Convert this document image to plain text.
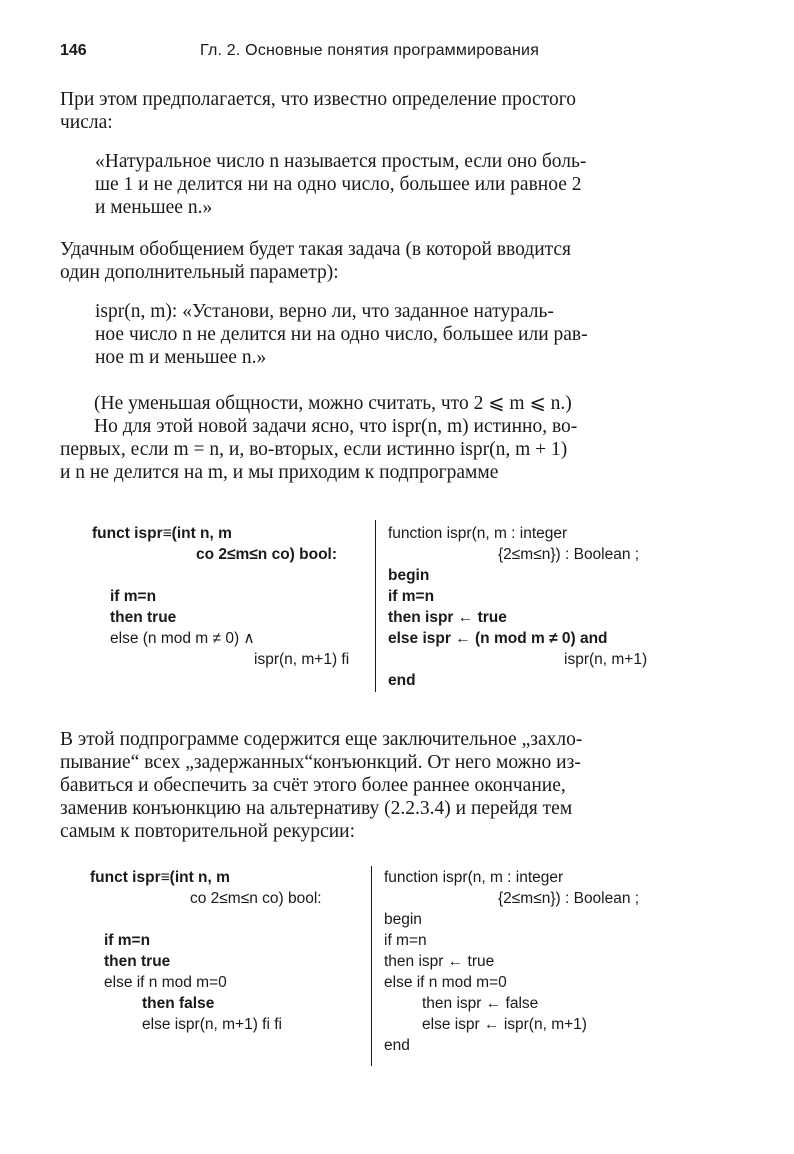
146	Гл. 2. Основные понятия программирования
При этом предполагается, что известно определение простого
числа:
«Натуральное число n называется простым, если оно боль-
ше 1 и не делится ни на одно число, большее или равное 2
и меньшее n.»
Удачным обобщением будет такая задача (в которой вводится
один дополнительный параметр):
ispr(n, m): «Установи, верно ли, что заданное натураль-
ное число n не делится ни на одно число, большее или рав-
ное m и меньшее n.»
(Не уменьшая общности, можно считать, что 2 ⩽ m ⩽ n.)
Но для этой новой задачи ясно, что ispr(n, m) истинно, во-
первых, если m = n, и, во-вторых, если истинно ispr(n, m + 1)
и n не делится на m, и мы приходим к подпрограмме
funct ispr≡(int n, m
co 2≤m≤n co) bool:
if m=n
then true
else (n mod m ≠ 0) ∧
ispr(n, m+1) fi
function ispr(n, m : integer
{2≤m≤n}) : Boolean ;
begin
if m=n
then ispr ← true
else ispr ← (n mod m ≠ 0) and
ispr(n, m+1)
end
В этой подпрограмме содержится еще заключительное „захло-
пывание“ всех „задержанных“конъюнкций. От него можно из-
бавиться и обеспечить за счёт этого более раннее окончание,
заменив конъюнкцию на альтернативу (2.2.3.4) и перейдя тем
самым к повторительной рекурсии:
funct ispr≡(int n, m
co 2≤m≤n co) bool:
if m=n
then true
else if n mod m=0
then false
else ispr(n, m+1) fi fi
function ispr(n, m : integer
{2≤m≤n}) : Boolean ;
begin
if m=n
then ispr ← true
else if n mod m=0
then ispr ← false
else ispr ← ispr(n, m+1)
end
